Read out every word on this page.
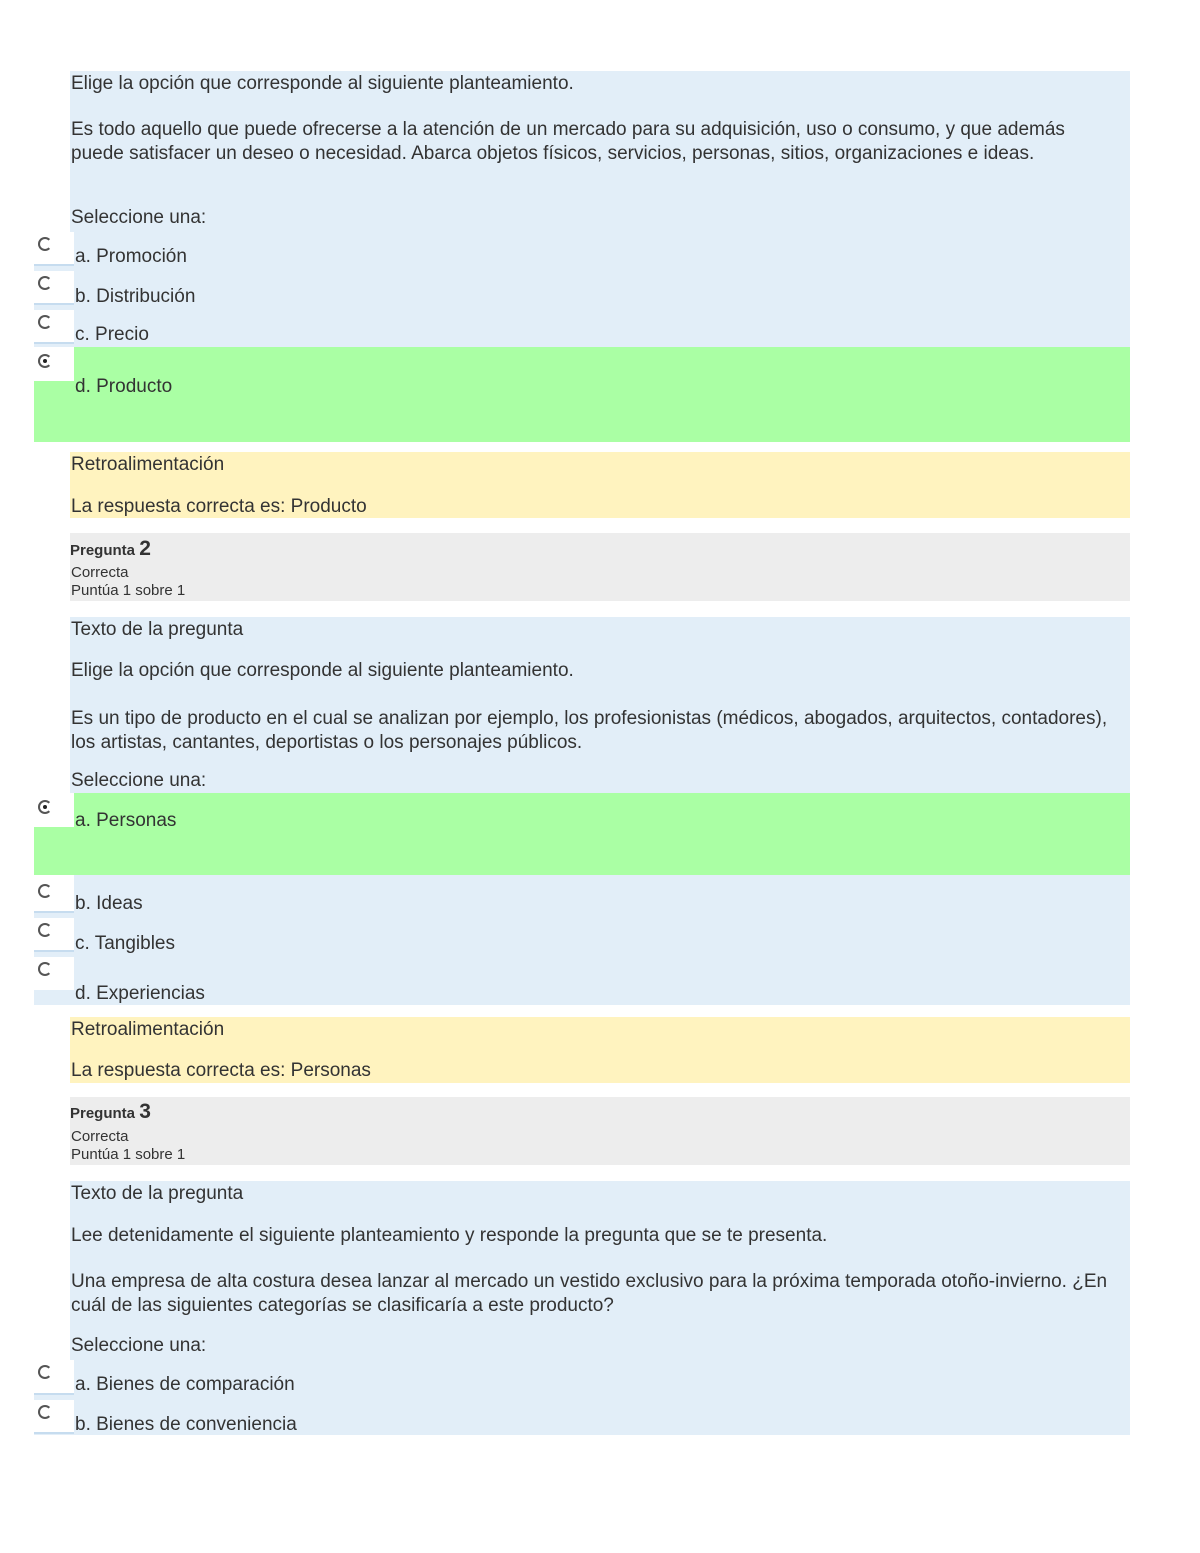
Elige la opción que corresponde al siguiente planteamiento.
Es todo aquello que puede ofrecerse a la atención de un mercado para su adquisición, uso o consumo, y que además puede satisfacer un deseo o necesidad. Abarca objetos físicos, servicios, personas, sitios, organizaciones e ideas.
Seleccione una:
a. Promoción
b. Distribución
c. Precio
d. Producto
Retroalimentación
La respuesta correcta es: Producto
Pregunta 2
Correcta
Puntúa 1 sobre 1
Texto de la pregunta
Elige la opción que corresponde al siguiente planteamiento.
Es un tipo de producto en el cual se analizan por ejemplo, los profesionistas (médicos, abogados, arquitectos, contadores), los artistas, cantantes, deportistas o los personajes públicos.
Seleccione una:
a. Personas
b. Ideas
c. Tangibles
d. Experiencias
Retroalimentación
La respuesta correcta es: Personas
Pregunta 3
Correcta
Puntúa 1 sobre 1
Texto de la pregunta
Lee detenidamente el siguiente planteamiento y responde la pregunta que se te presenta.
Una empresa de alta costura desea lanzar al mercado un vestido exclusivo para la próxima temporada otoño-invierno. ¿En cuál de las siguientes categorías se clasificaría a este producto?
Seleccione una:
a. Bienes de comparación
b. Bienes de conveniencia
